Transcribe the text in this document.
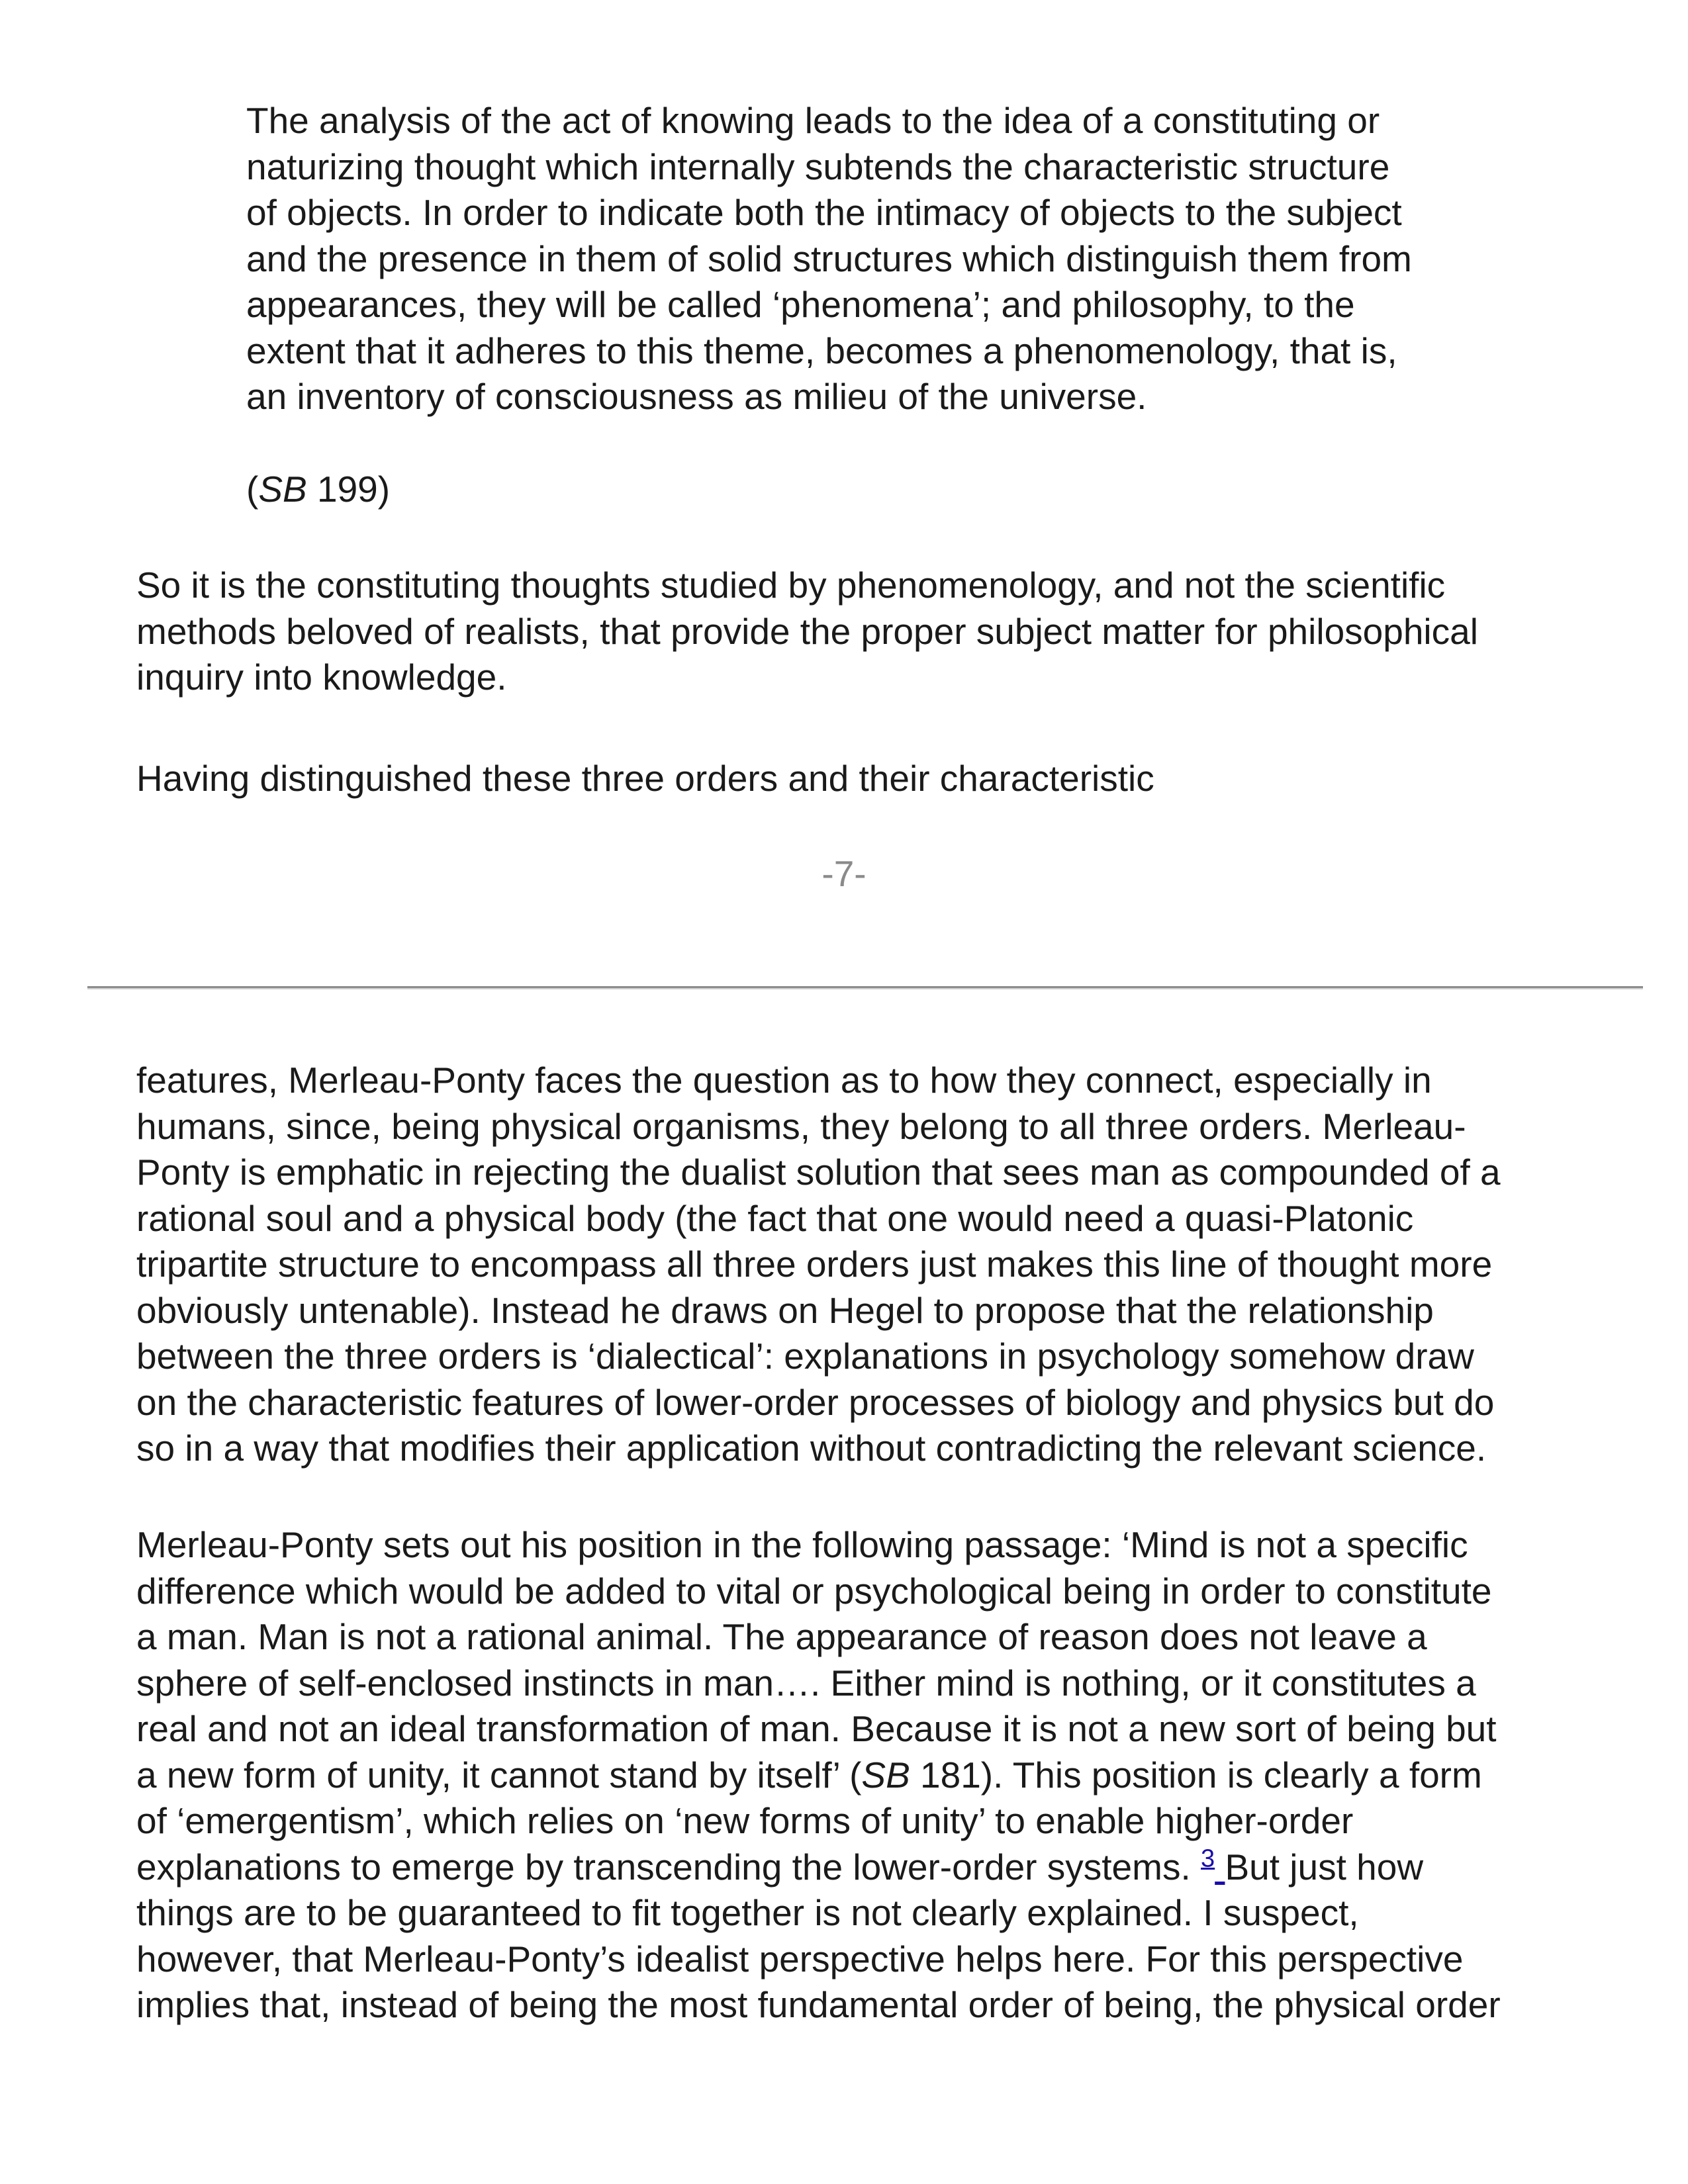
The analysis of the act of knowing leads to the idea of a constituting or
naturizing thought which internally subtends the characteristic structure
of objects. In order to indicate both the intimacy of objects to the subject
and the presence in them of solid structures which distinguish them from
appearances, they will be called ‘phenomena’; and philosophy, to the
extent that it adheres to this theme, becomes a phenomenology, that is,
an inventory of consciousness as milieu of the universe.
(SB 199)
So it is the constituting thoughts studied by phenomenology, and not the scientific
methods beloved of realists, that provide the proper subject matter for philosophical
inquiry into knowledge.
Having distinguished these three orders and their characteristic
-7-
features, Merleau-Ponty faces the question as to how they connect, especially in
humans, since, being physical organisms, they belong to all three orders. Merleau-
Ponty is emphatic in rejecting the dualist solution that sees man as compounded of a
rational soul and a physical body (the fact that one would need a quasi-Platonic
tripartite structure to encompass all three orders just makes this line of thought more
obviously untenable). Instead he draws on Hegel to propose that the relationship
between the three orders is ‘dialectical’: explanations in psychology somehow draw
on the characteristic features of lower-order processes of biology and physics but do
so in a way that modifies their application without contradicting the relevant science.
Merleau-Ponty sets out his position in the following passage: ‘Mind is not a specific
difference which would be added to vital or psychological being in order to constitute
a man. Man is not a rational animal. The appearance of reason does not leave a
sphere of self-enclosed instincts in man…. Either mind is nothing, or it constitutes a
real and not an ideal transformation of man. Because it is not a new sort of being but
a new form of unity, it cannot stand by itself’ (SB 181). This position is clearly a form
of ‘emergentism’, which relies on ‘new forms of unity’ to enable higher-order
explanations to emerge by transcending the lower-order systems. $^3$ But just how
things are to be guaranteed to fit together is not clearly explained. I suspect,
however, that Merleau-Ponty’s idealist perspective helps here. For this perspective
implies that, instead of being the most fundamental order of being, the physical order
